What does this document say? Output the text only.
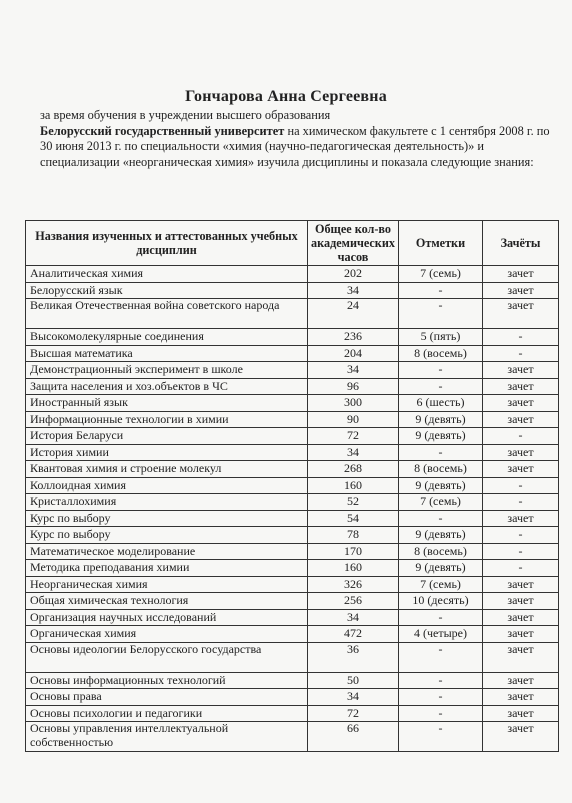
Гончарова Анна Сергеевна

за время обучения в учреждении высшего образования

Белорусский государственный университет на химическом факультете с 1 сентября 2008 г. по 30 июня 2013 г. по специальности «химия (научно-педагогическая деятельность)» и специализации «неорганическая химия» изучила дисциплины и показала следующие знания:

Названия изученных и аттестованных учебных дисциплин	Общее кол-во академических часов	Отметки	Зачёты
Аналитическая химия	202	7 (семь)	зачет
Белорусский язык	34	-	зачет
Великая Отечественная война советского народа	24	-	зачет
Высокомолекулярные соединения	236	5 (пять)	-
Высшая математика	204	8 (восемь)	-
Демонстрационный эксперимент в школе	34	-	зачет
Защита населения и хоз.объектов в ЧС	96	-	зачет
Иностранный язык	300	6 (шесть)	зачет
Информационные технологии в химии	90	9 (девять)	зачет
История Беларуси	72	9 (девять)	-
История химии	34	-	зачет
Квантовая химия и строение молекул	268	8 (восемь)	зачет
Коллоидная химия	160	9 (девять)	-
Кристаллохимия	52	7 (семь)	-
Курс по выбору	54	-	зачет
Курс по выбору	78	9 (девять)	-
Математическое моделирование	170	8 (восемь)	-
Методика преподавания химии	160	9 (девять)	-
Неорганическая химия	326	7 (семь)	зачет
Общая химическая технология	256	10 (десять)	зачет
Организация научных исследований	34	-	зачет
Органическая химия	472	4 (четыре)	зачет
Основы идеологии Белорусского государства	36	-	зачет
Основы информационных технологий	50	-	зачет
Основы права	34	-	зачет
Основы психологии и педагогики	72	-	зачет
Основы управления интеллектуальной собственностью	66	-	зачет
